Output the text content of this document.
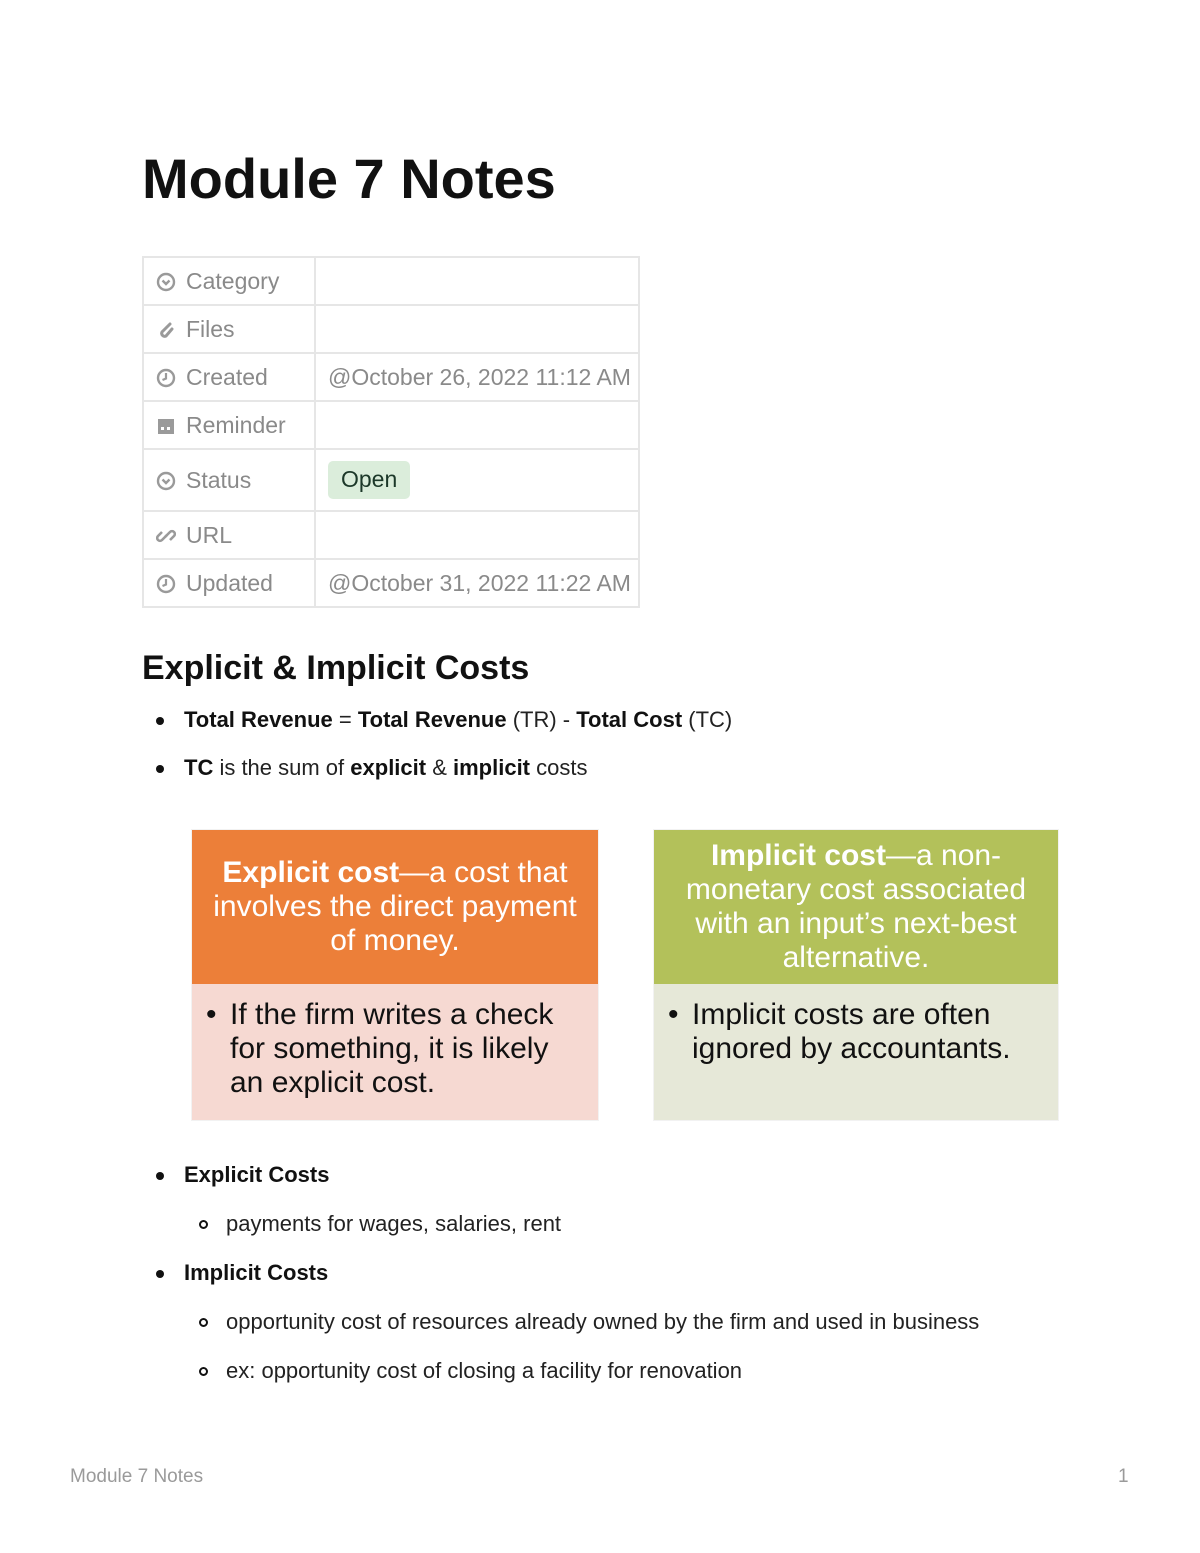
Module 7 Notes
Category	

Files	

Created	@October 26, 2022 11:12 AM

Reminder	

Status	Open

URL	

Updated	@October 31, 2022 11:22 AM
Explicit & Implicit Costs
Total Revenue = Total Revenue (TR) - Total Cost (TC)
TC is the sum of explicit & implicit costs
Explicit cost—a cost that involves the direct payment of money.
• If the firm writes a check for something, it is likely an explicit cost.
Implicit cost—a non-monetary cost associated with an input’s next-best alternative.
• Implicit costs are often ignored by accountants.
Explicit Costs
payments for wages, salaries, rent
Implicit Costs
opportunity cost of resources already owned by the firm and used in business
ex: opportunity cost of closing a facility for renovation
Module 7 Notes	1
